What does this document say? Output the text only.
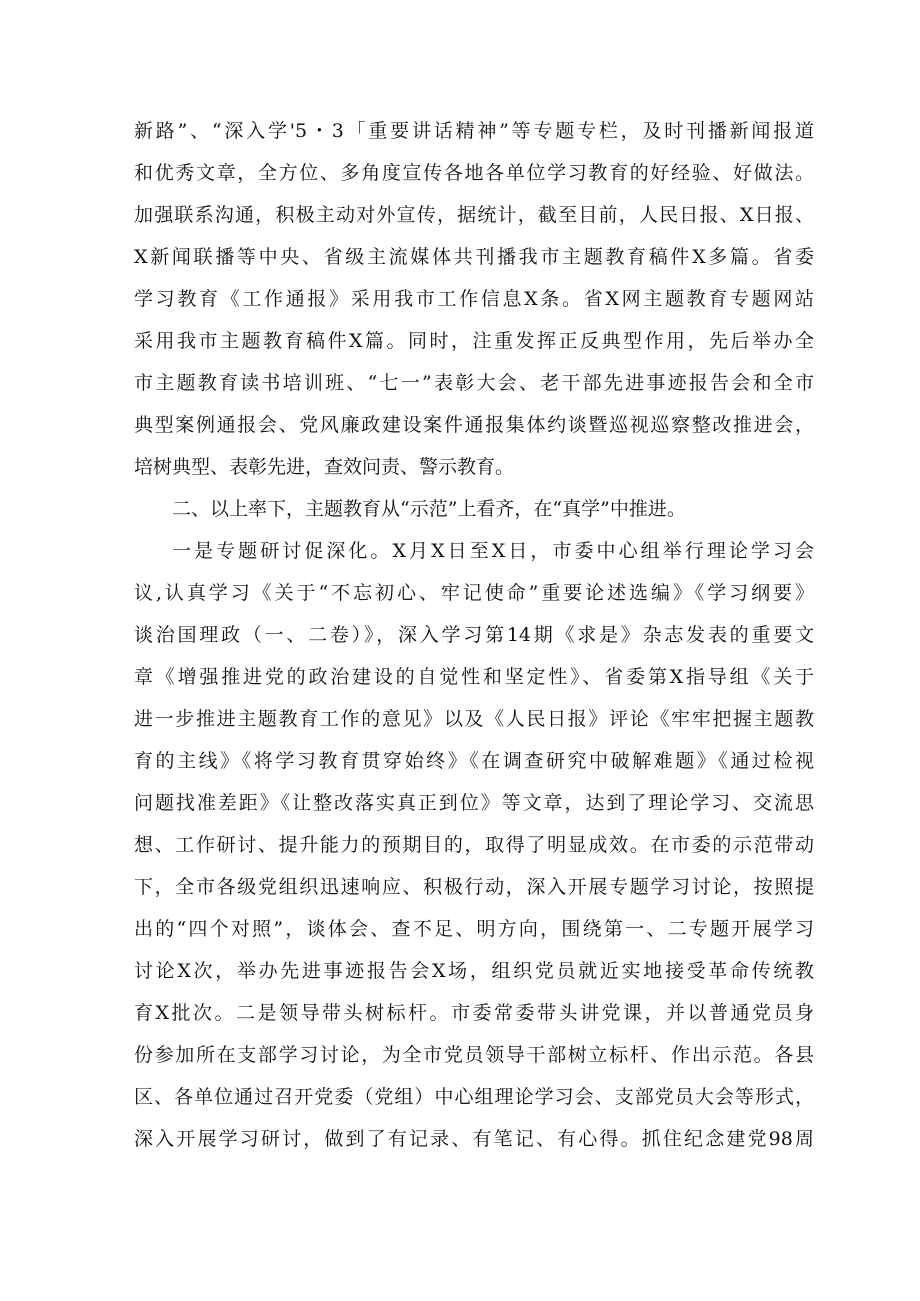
新路”、“深入学'5・3「重要讲话精神”等专题专栏，及时刊播新闻报道
和优秀文章，全方位、多角度宣传各地各单位学习教育的好经验、好做法。
加强联系沟通，积极主动对外宣传，据统计，截至目前，人民日报、X日报、
X新闻联播等中央、省级主流媒体共刊播我市主题教育稿件X多篇。省委
学习教育《工作通报》采用我市工作信息X条。省X网主题教育专题网站
采用我市主题教育稿件X篇。同时，注重发挥正反典型作用，先后举办全
市主题教育读书培训班、“七一”表彰大会、老干部先进事迹报告会和全市
典型案例通报会、党风廉政建设案件通报集体约谈暨巡视巡察整改推进会，
培树典型、表彰先进，查效问责、警示教育。
二、以上率下，主题教育从“示范”上看齐，在“真学”中推进。
一是专题研讨促深化。X月X日至X日，市委中心组举行理论学习会
议,认真学习《关于“不忘初心、牢记使命”重要论述选编》《学习纲要》
谈治国理政（一、二卷）》，深入学习第14期《求是》杂志发表的重要文
章《增强推进党的政治建设的自觉性和坚定性》、省委第X指导组《关于
进一步推进主题教育工作的意见》以及《人民日报》评论《牢牢把握主题教
育的主线》《将学习教育贯穿始终》《在调查研究中破解难题》《通过检视
问题找准差距》《让整改落实真正到位》等文章，达到了理论学习、交流思
想、工作研讨、提升能力的预期目的，取得了明显成效。在市委的示范带动
下，全市各级党组织迅速响应、积极行动，深入开展专题学习讨论，按照提
出的“四个对照”，谈体会、查不足、明方向，围绕第一、二专题开展学习
讨论X次，举办先进事迹报告会X场，组织党员就近实地接受革命传统教
育X批次。二是领导带头树标杆。市委常委带头讲党课，并以普通党员身
份参加所在支部学习讨论，为全市党员领导干部树立标杆、作出示范。各县
区、各单位通过召开党委（党组）中心组理论学习会、支部党员大会等形式，
深入开展学习研讨，做到了有记录、有笔记、有心得。抓住纪念建党98周
